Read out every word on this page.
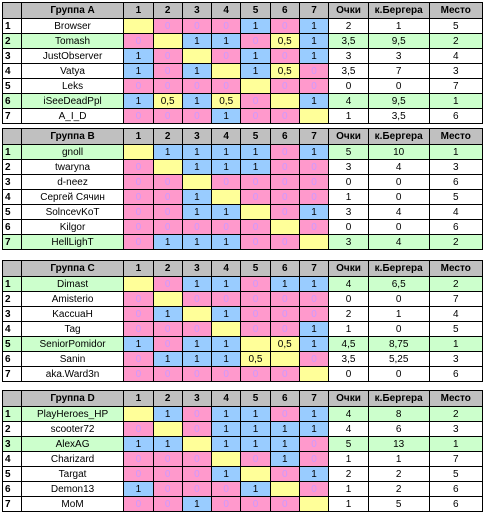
	Группа A	1	2	3	4	5	6	7	Очки	к.Бергера	Место
1	Browser		0	0	0	1	0	1	2	1	5
2	Tomash	0		1	1	0	0,5	1	3,5	9,5	2
3	JustObserver	1	0		0	1	0	1	3	3	4
4	Vatya	1	0	1		1	0,5	0	3,5	7	3
5	Leks	0	0	0	0		0	0	0	0	7
6	iSeeDeadPpl	1	0,5	1	0,5	0		1	4	9,5	1
7	A_I_D	0	0	0	1	0	0		1	3,5	6
	Группа B	1	2	3	4	5	6	7	Очки	к.Бергера	Место
1	gnoll		1	1	1	1	0	1	5	10	1
2	twaryna	0		1	1	1	0	0	3	4	3
3	d-neez	0	0		0	0	0	0	0	0	6
4	Сергей Сячин	0	0	1		0	0	0	1	0	5
5	SolncevKoT	0	0	1	1		0	1	3	4	4
6	Kilgor	0	0	0	0	0		0	0	0	6
7	HellLighT	0	1	1	1	0	0		3	4	2
	Группа C	1	2	3	4	5	6	7	Очки	к.Бергера	Место
1	Dimast		0	1	1	0	1	1	4	6,5	2
2	Amisterio	0		0	0	0	0	0	0	0	7
3	KaccuaH	0	1		1	0	0	0	2	1	4
4	Tag	0	0	0		0	0	1	1	0	5
5	SeniorPomidor	1	0	1	1		0,5	1	4,5	8,75	1
6	Sanin	0	1	1	1	0,5		0	3,5	5,25	3
7	aka.Ward3n	0	0	0	0	0	0		0	0	6
	Группа D	1	2	3	4	5	6	7	Очки	к.Бергера	Место
1	PlayHeroes_HP		1	0	1	1	0	1	4	8	2
2	scooter72	0		0	1	1	1	1	4	6	3
3	AlexAG	1	1		1	1	1	0	5	13	1
4	Charizard	0	0	0		0	1	0	1	1	7
5	Targat	0	0	0	1		0	1	2	2	5
6	Demon13	1	0	0	0	1		0	1	2	6
7	MoM	0	0	1	0	0	0		1	5	6
